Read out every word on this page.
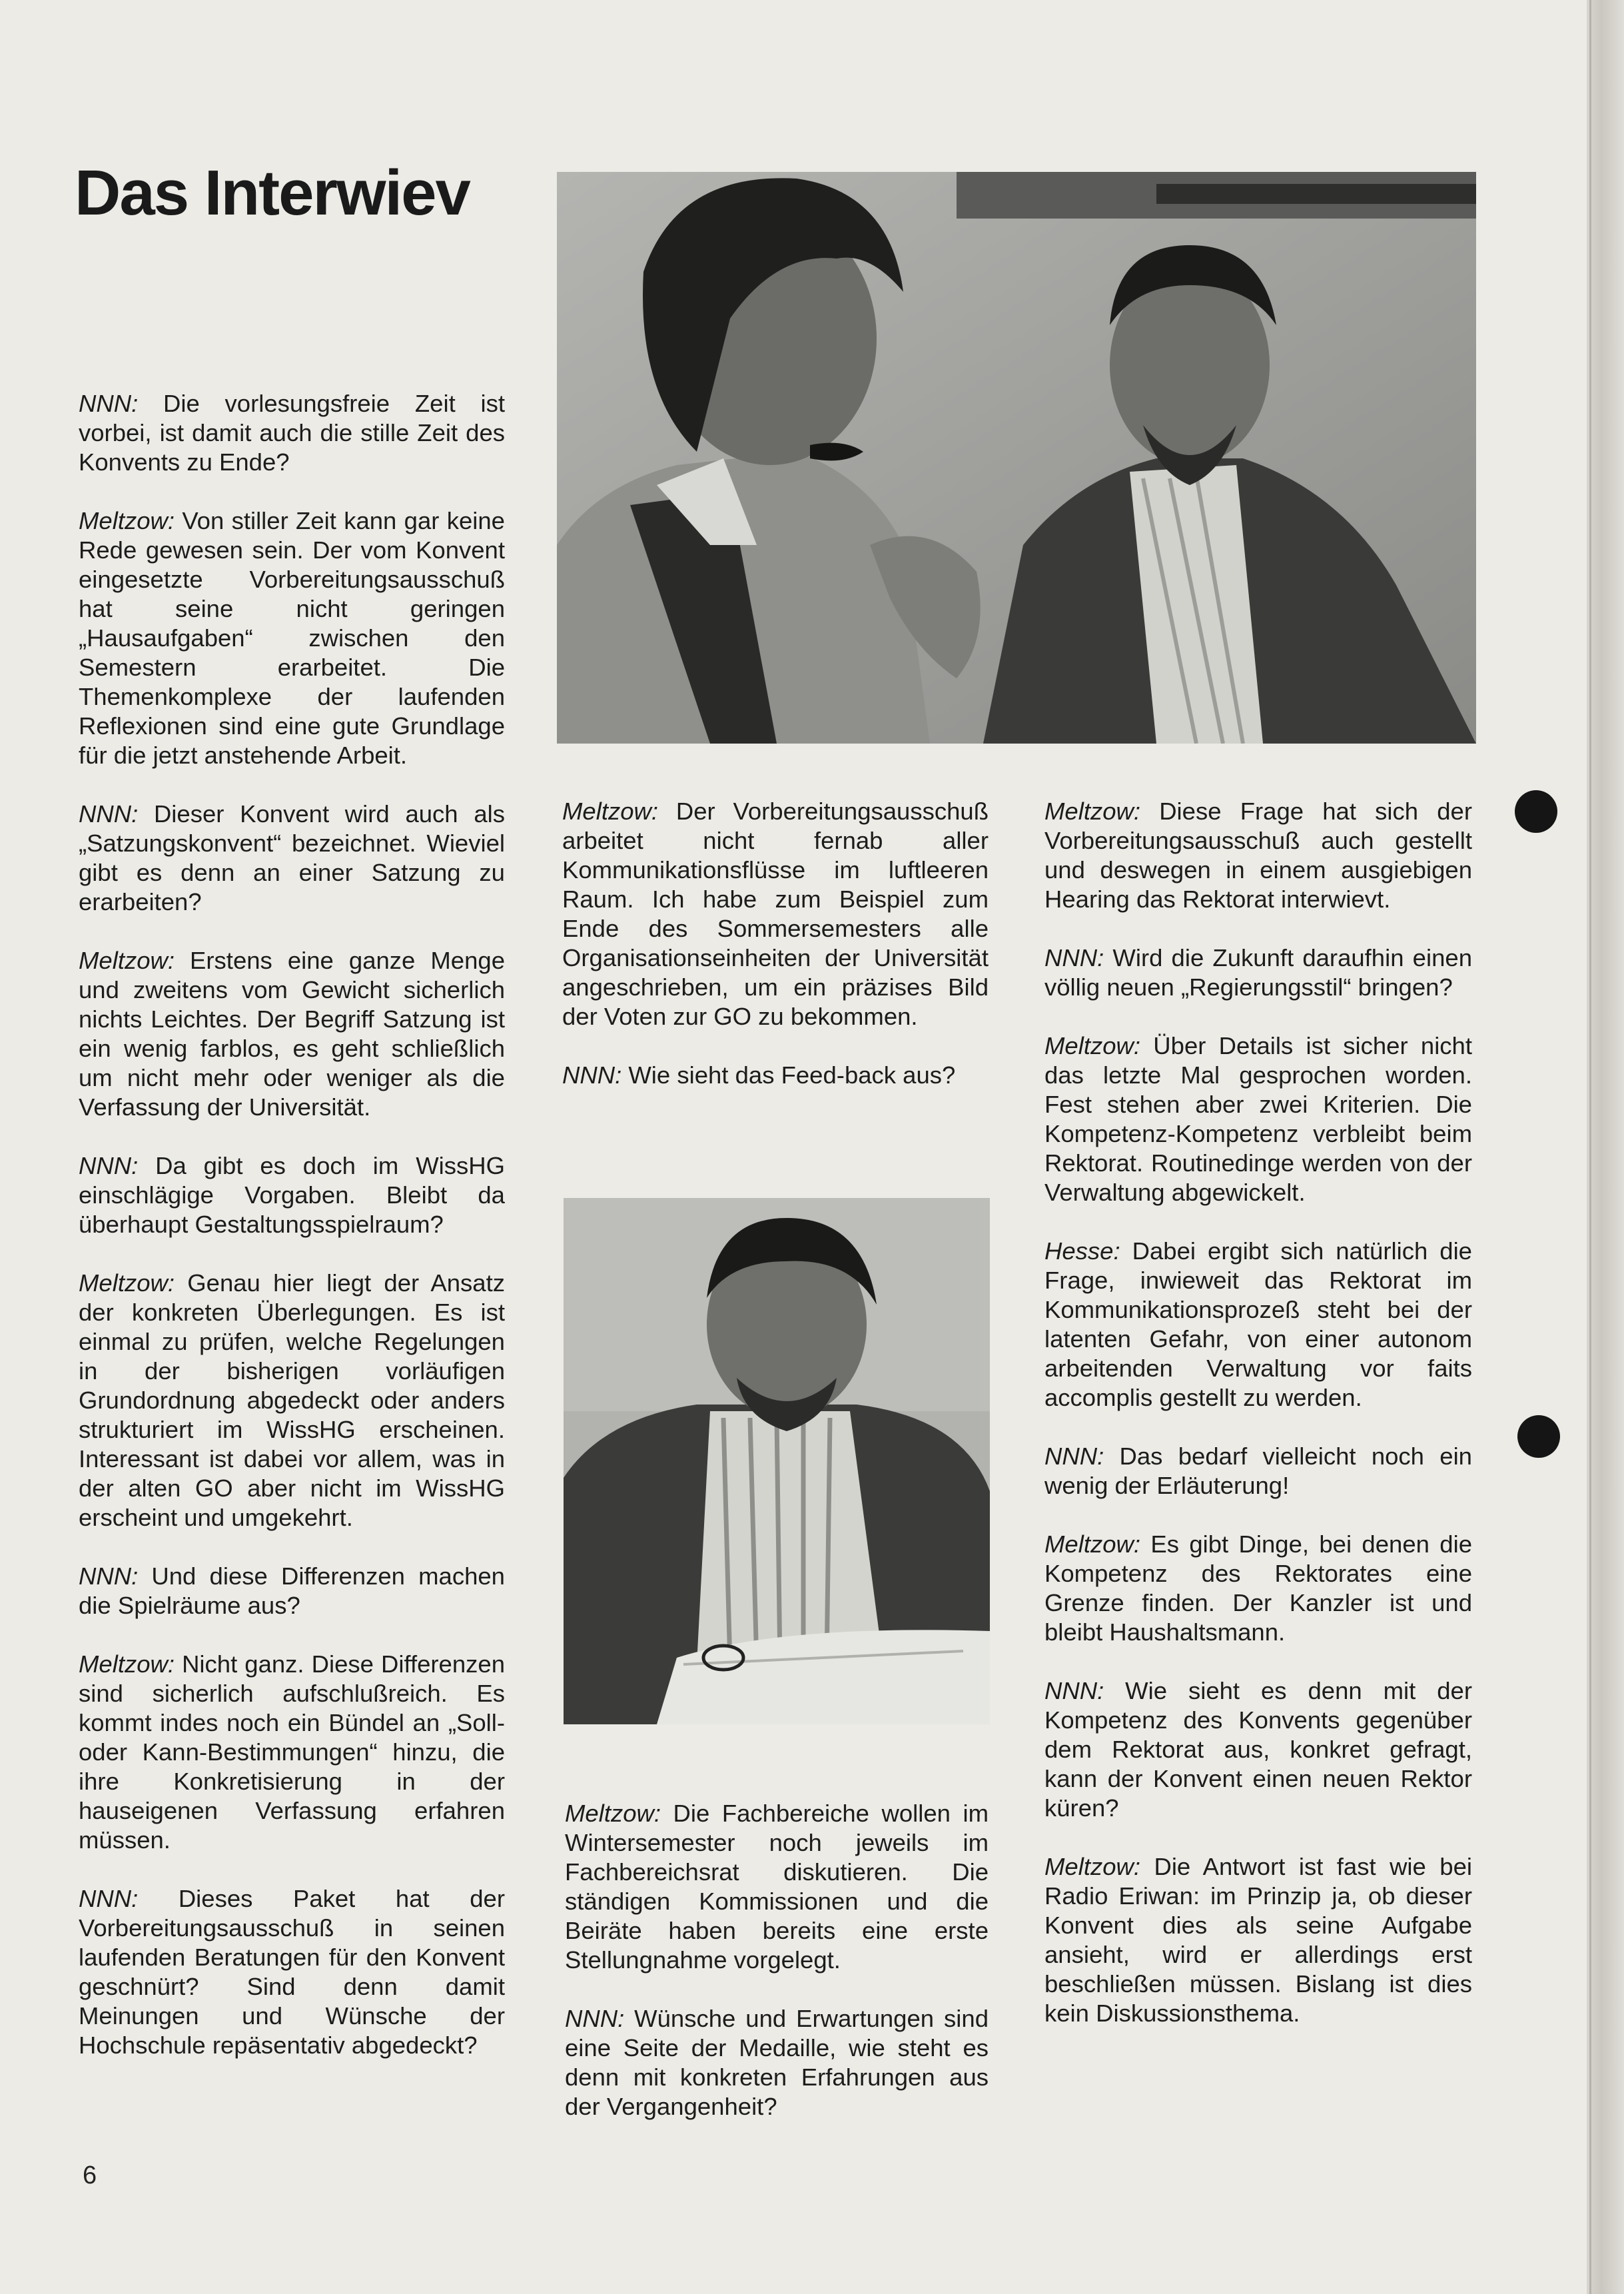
Das Interwiev

NNN: Die vorlesungsfreie Zeit ist vorbei, ist damit auch die stille Zeit des Konvents zu Ende?

Meltzow: Von stiller Zeit kann gar keine Rede gewesen sein. Der vom Konvent eingesetzte Vorbereitungsausschuß hat seine nicht geringen „Hausaufgaben“ zwischen den Semestern erarbeitet. Die Themenkomplexe der laufenden Reflexionen sind eine gute Grundlage für die jetzt anstehende Arbeit.

NNN: Dieser Konvent wird auch als „Satzungskonvent“ bezeichnet. Wieviel gibt es denn an einer Satzung zu erarbeiten?

Meltzow: Erstens eine ganze Menge und zweitens vom Gewicht sicherlich nichts Leichtes. Der Begriff Satzung ist ein wenig farblos, es geht schließlich um nicht mehr oder weniger als die Verfassung der Universität.

NNN: Da gibt es doch im WissHG einschlägige Vorgaben. Bleibt da überhaupt Gestaltungsspielraum?

Meltzow: Genau hier liegt der Ansatz der konkreten Überlegungen. Es ist einmal zu prüfen, welche Regelungen in der bisherigen vorläufigen Grundordnung abgedeckt oder anders strukturiert im WissHG erscheinen. Interessant ist dabei vor allem, was in der alten GO aber nicht im WissHG erscheint und umgekehrt.

NNN: Und diese Differenzen machen die Spielräume aus?

Meltzow: Nicht ganz. Diese Differenzen sind sicherlich aufschlußreich. Es kommt indes noch ein Bündel an „Soll- oder Kann-Bestimmungen“ hinzu, die ihre Konkretisierung in der hauseigenen Verfassung erfahren müssen.

NNN: Dieses Paket hat der Vorbereitungsausschuß in seinen laufenden Beratungen für den Konvent geschnürt? Sind denn damit Meinungen und Wünsche der Hochschule repäsentativ abgedeckt?

Meltzow: Der Vorbereitungsausschuß arbeitet nicht fernab aller Kommunikationsflüsse im luftleeren Raum. Ich habe zum Beispiel zum Ende des Sommersemesters alle Organisationseinheiten der Universität angeschrieben, um ein präzises Bild der Voten zur GO zu bekommen.

NNN: Wie sieht das Feed-back aus?

Meltzow: Die Fachbereiche wollen im Wintersemester noch jeweils im Fachbereichsrat diskutieren. Die ständigen Kommissionen und die Beiräte haben bereits eine erste Stellungnahme vorgelegt.

NNN: Wünsche und Erwartungen sind eine Seite der Medaille, wie steht es denn mit konkreten Erfahrungen aus der Vergangenheit?

Meltzow: Diese Frage hat sich der Vorbereitungsausschuß auch gestellt und deswegen in einem ausgiebigen Hearing das Rektorat interwievt.

NNN: Wird die Zukunft daraufhin einen völlig neuen „Regierungsstil“ bringen?

Meltzow: Über Details ist sicher nicht das letzte Mal gesprochen worden. Fest stehen aber zwei Kriterien. Die Kompetenz-Kompetenz verbleibt beim Rektorat. Routinedinge werden von der Verwaltung abgewickelt.

Hesse: Dabei ergibt sich natürlich die Frage, inwieweit das Rektorat im Kommunikationsprozeß steht bei der latenten Gefahr, von einer autonom arbeitenden Verwaltung vor faits accomplis gestellt zu werden.

NNN: Das bedarf vielleicht noch ein wenig der Erläuterung!

Meltzow: Es gibt Dinge, bei denen die Kompetenz des Rektorates eine Grenze finden. Der Kanzler ist und bleibt Haushaltsmann.

NNN: Wie sieht es denn mit der Kompetenz des Konvents gegenüber dem Rektorat aus, konkret gefragt, kann der Konvent einen neuen Rektor küren?

Meltzow: Die Antwort ist fast wie bei Radio Eriwan: im Prinzip ja, ob dieser Konvent dies als seine Aufgabe ansieht, wird er allerdings erst beschließen müssen. Bislang ist dies kein Diskussionsthema.

6
